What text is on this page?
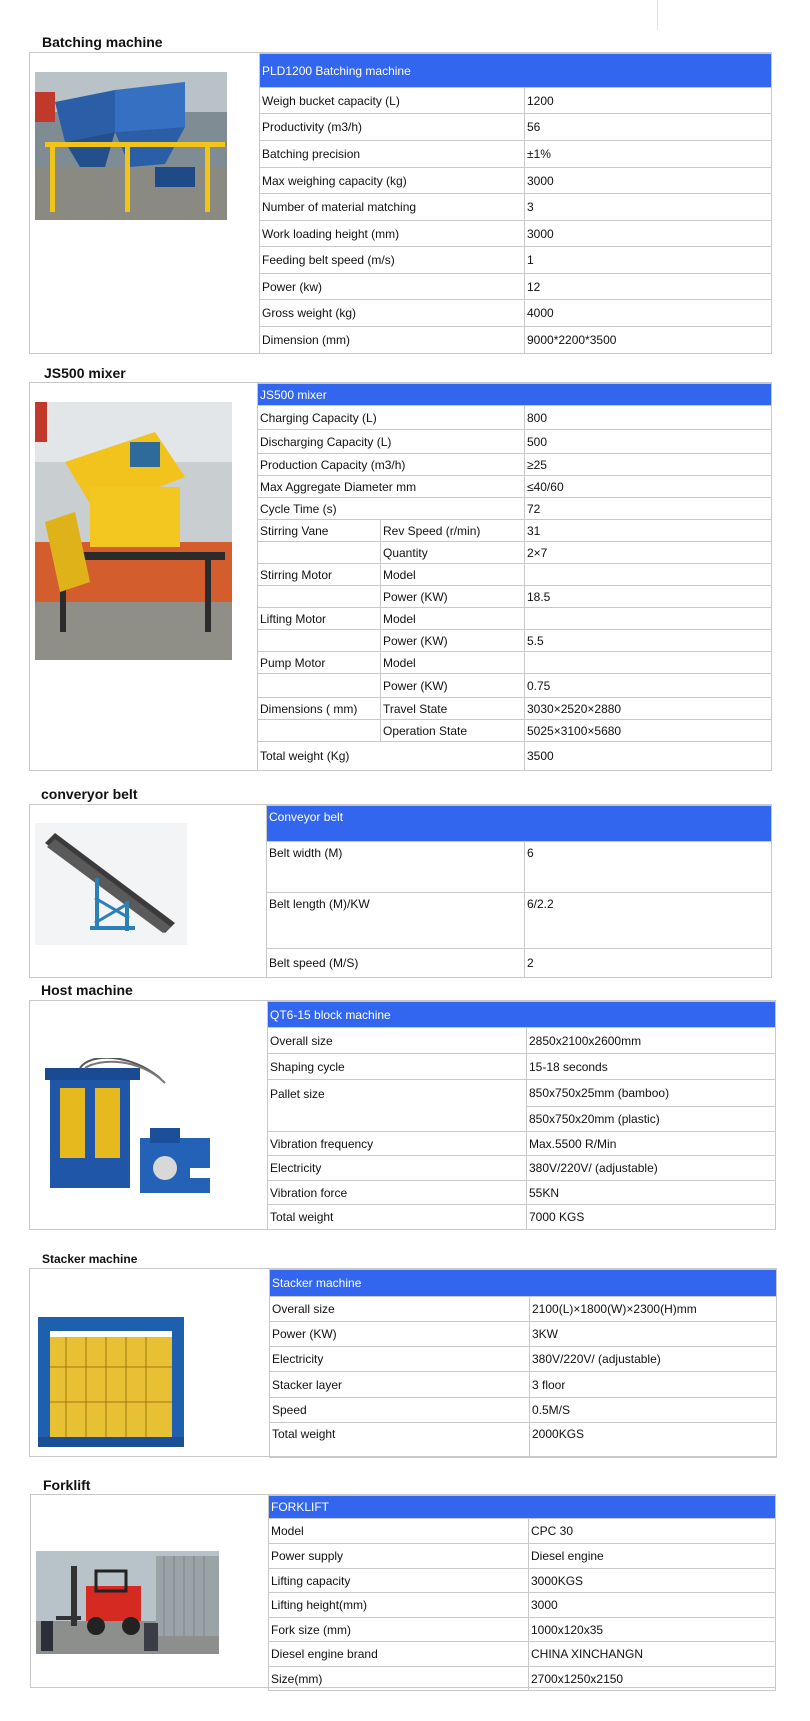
Batching machine
PLD1200 Batching machine	
Weigh bucket capacity (L)	1200
Productivity (m3/h)	56
Batching precision	±1%
Max weighing capacity (kg)	3000
Number of material matching	3
Work loading height (mm)	3000
Feeding belt speed (m/s)	1
Power (kw)	12
Gross weight (kg)	4000
Dimension (mm)	9000*2200*3500
JS500 mixer
JS500 mixer		
Charging Capacity (L)		800
Discharging Capacity (L)		500
Production Capacity (m3/h)		≥25
Max Aggregate Diameter mm		≤40/60
Cycle Time (s)		72
Stirring Vane	Rev Speed (r/min)	31
	Quantity	2×7
Stirring Motor	Model	
	Power (KW)	18.5
Lifting Motor	Model	
	Power (KW)	5.5
Pump Motor	Model	
	Power (KW)	0.75
Dimensions ( mm)	Travel State	3030×2520×2880
	Operation State	5025×3100×5680
Total weight (Kg)		3500
converyor belt
Conveyor belt	
Belt width (M)	6
Belt length (M)/KW	6/2.2
Belt speed (M/S)	2
Host machine
QT6-15 block machine	
Overall size	2850x2100x2600mm
Shaping cycle	15-18 seconds
Pallet size	850x750x25mm (bamboo)
	850x750x20mm (plastic)
Vibration frequency	Max.5500 R/Min
Electricity	380V/220V/ (adjustable)
Vibration force	55KN
Total weight	7000 KGS
Stacker machine
Stacker machine	
Overall size	2100(L)×1800(W)×2300(H)mm
Power (KW)	3KW
Electricity	380V/220V/ (adjustable)
Stacker layer	3 floor
Speed	0.5M/S
Total weight	2000KGS
Forklift
FORKLIFT	
Model	CPC 30
Power supply	Diesel engine
Lifting capacity	3000KGS
Lifting height(mm)	3000
Fork size (mm)	1000x120x35
Diesel engine brand	CHINA XINCHANGN
Size(mm)	2700x1250x2150
